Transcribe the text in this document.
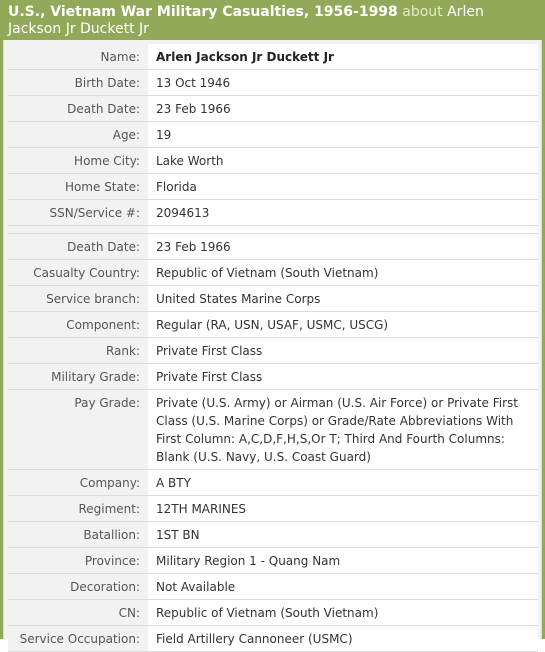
U.S., Vietnam War Military Casualties, 1956-1998 about Arlen Jackson Jr Duckett Jr
Name:	Arlen Jackson Jr Duckett Jr
Birth Date:	13 Oct 1946
Death Date:	23 Feb 1966
Age:	19
Home City:	Lake Worth
Home State:	Florida
SSN/Service #:	2094613

Death Date:	23 Feb 1966
Casualty Country:	Republic of Vietnam (South Vietnam)
Service branch:	United States Marine Corps
Component:	Regular (RA, USN, USAF, USMC, USCG)
Rank:	Private First Class
Military Grade:	Private First Class
Pay Grade:	Private (U.S. Army) or Airman (U.S. Air Force) or Private First Class (U.S. Marine Corps) or Grade/Rate Abbreviations With First Column: A,C,D,F,H,S,Or T; Third And Fourth Columns: Blank (U.S. Navy, U.S. Coast Guard)
Company:	A BTY
Regiment:	12TH MARINES
Batallion:	1ST BN
Province:	Military Region 1 - Quang Nam
Decoration:	Not Available
CN:	Republic of Vietnam (South Vietnam)
Service Occupation:	Field Artillery Cannoneer (USMC)
